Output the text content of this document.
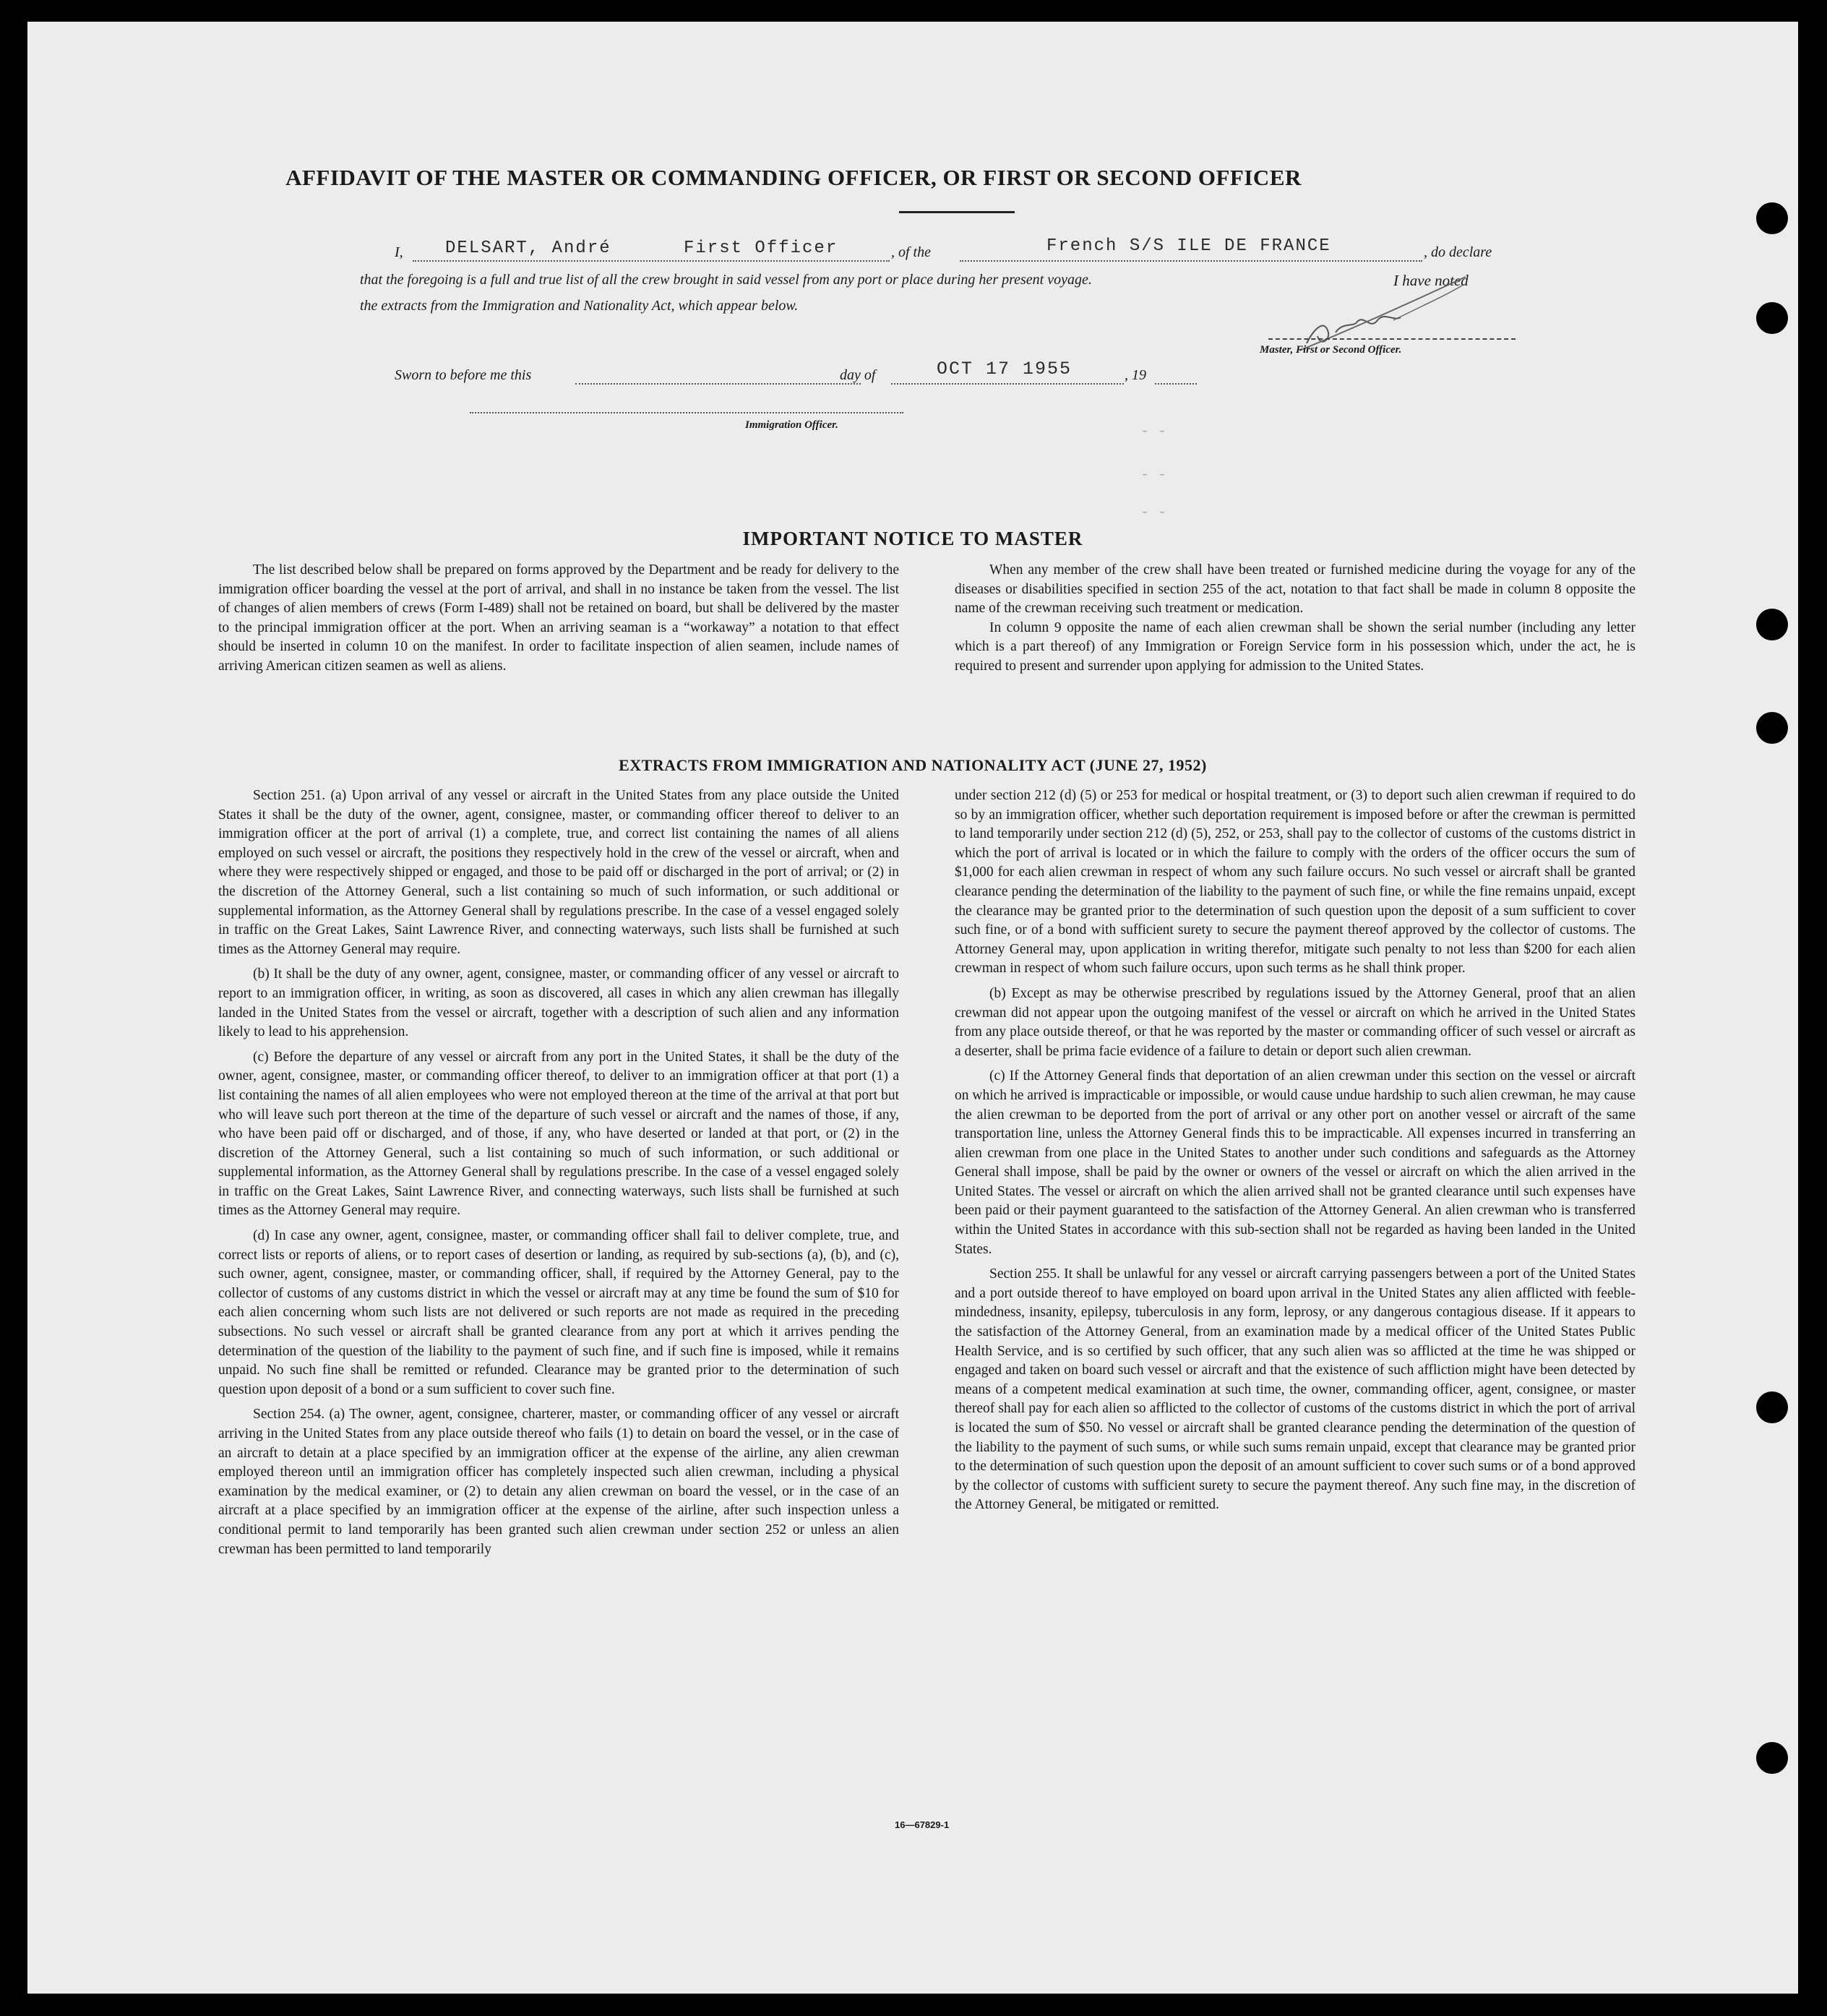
- -
- -
- -
AFFIDAVIT OF THE MASTER OR COMMANDING OFFICER, OR FIRST OR SECOND OFFICER
I, DELSART, André	First Officer	, of the	French S/S ILE DE FRANCE	, do declare
that the foregoing is a full and true list of all the crew brought in said vessel from any port or place during her present voyage.	I have noted
the extracts from the Immigration and Nationality Act, which appear below.
Master, First or Second Officer.
Sworn to before me this	day of	OCT 17 1955	, 19
Immigration Officer.
IMPORTANT NOTICE TO MASTER

The list described below shall be prepared on forms approved by the Department and be ready for delivery to the immigration officer boarding the vessel at the port of arrival, and shall in no instance be taken from the vessel. The list of changes of alien members of crews (Form I-489) shall not be retained on board, but shall be delivered by the master to the principal immigration officer at the port. When an arriving seaman is a “workaway” a notation to that effect should be inserted in column 10 on the manifest. In order to facilitate inspection of alien seamen, include names of arriving American citizen seamen as well as aliens.

When any member of the crew shall have been treated or furnished medicine during the voyage for any of the diseases or disabilities specified in section 255 of the act, notation to that fact shall be made in column 8 opposite the name of the crewman receiving such treatment or medication.

In column 9 opposite the name of each alien crewman shall be shown the serial number (including any letter which is a part thereof) of any Immigration or Foreign Service form in his possession which, under the act, he is required to present and surrender upon applying for admission to the United States.

EXTRACTS FROM IMMIGRATION AND NATIONALITY ACT (JUNE 27, 1952)

Section 251. (a) Upon arrival of any vessel or aircraft in the United States from any place outside the United States it shall be the duty of the owner, agent, consignee, master, or commanding officer thereof to deliver to an immigration officer at the port of arrival (1) a complete, true, and correct list containing the names of all aliens employed on such vessel or aircraft, the positions they respectively hold in the crew of the vessel or aircraft, when and where they were respectively shipped or engaged, and those to be paid off or discharged in the port of arrival; or (2) in the discretion of the Attorney General, such a list containing so much of such information, or such additional or supplemental information, as the Attorney General shall by regulations prescribe. In the case of a vessel engaged solely in traffic on the Great Lakes, Saint Lawrence River, and connecting waterways, such lists shall be furnished at such times as the Attorney General may require.

(b) It shall be the duty of any owner, agent, consignee, master, or commanding officer of any vessel or aircraft to report to an immigration officer, in writing, as soon as discovered, all cases in which any alien crewman has illegally landed in the United States from the vessel or aircraft, together with a description of such alien and any information likely to lead to his apprehension.

(c) Before the departure of any vessel or aircraft from any port in the United States, it shall be the duty of the owner, agent, consignee, master, or commanding officer thereof, to deliver to an immigration officer at that port (1) a list containing the names of all alien employees who were not employed thereon at the time of the arrival at that port but who will leave such port thereon at the time of the departure of such vessel or aircraft and the names of those, if any, who have been paid off or discharged, and of those, if any, who have deserted or landed at that port, or (2) in the discretion of the Attorney General, such a list containing so much of such information, or such additional or supplemental information, as the Attorney General shall by regulations prescribe. In the case of a vessel engaged solely in traffic on the Great Lakes, Saint Lawrence River, and connecting waterways, such lists shall be furnished at such times as the Attorney General may require.

(d) In case any owner, agent, consignee, master, or commanding officer shall fail to deliver complete, true, and correct lists or reports of aliens, or to report cases of desertion or landing, as required by sub-sections (a), (b), and (c), such owner, agent, consignee, master, or commanding officer, shall, if required by the Attorney General, pay to the collector of customs of any customs district in which the vessel or aircraft may at any time be found the sum of $10 for each alien concerning whom such lists are not delivered or such reports are not made as required in the preceding subsections. No such vessel or aircraft shall be granted clearance from any port at which it arrives pending the determination of the question of the liability to the payment of such fine, and if such fine is imposed, while it remains unpaid. No such fine shall be remitted or refunded. Clearance may be granted prior to the determination of such question upon deposit of a bond or a sum sufficient to cover such fine.

Section 254. (a) The owner, agent, consignee, charterer, master, or commanding officer of any vessel or aircraft arriving in the United States from any place outside thereof who fails (1) to detain on board the vessel, or in the case of an aircraft to detain at a place specified by an immigration officer at the expense of the airline, any alien crewman employed thereon until an immigration officer has completely inspected such alien crewman, including a physical examination by the medical examiner, or (2) to detain any alien crewman on board the vessel, or in the case of an aircraft at a place specified by an immigration officer at the expense of the airline, after such inspection unless a conditional permit to land temporarily has been granted such alien crewman under section 252 or unless an alien crewman has been permitted to land temporarily

under section 212 (d) (5) or 253 for medical or hospital treatment, or (3) to deport such alien crewman if required to do so by an immigration officer, whether such deportation requirement is imposed before or after the crewman is permitted to land temporarily under section 212 (d) (5), 252, or 253, shall pay to the collector of customs of the customs district in which the port of arrival is located or in which the failure to comply with the orders of the officer occurs the sum of $1,000 for each alien crewman in respect of whom any such failure occurs. No such vessel or aircraft shall be granted clearance pending the determination of the liability to the payment of such fine, or while the fine remains unpaid, except the clearance may be granted prior to the determination of such question upon the deposit of a sum sufficient to cover such fine, or of a bond with sufficient surety to secure the payment thereof approved by the collector of customs. The Attorney General may, upon application in writing therefor, mitigate such penalty to not less than $200 for each alien crewman in respect of whom such failure occurs, upon such terms as he shall think proper.

(b) Except as may be otherwise prescribed by regulations issued by the Attorney General, proof that an alien crewman did not appear upon the outgoing manifest of the vessel or aircraft on which he arrived in the United States from any place outside thereof, or that he was reported by the master or commanding officer of such vessel or aircraft as a deserter, shall be prima facie evidence of a failure to detain or deport such alien crewman.

(c) If the Attorney General finds that deportation of an alien crewman under this section on the vessel or aircraft on which he arrived is impracticable or impossible, or would cause undue hardship to such alien crewman, he may cause the alien crewman to be deported from the port of arrival or any other port on another vessel or aircraft of the same transportation line, unless the Attorney General finds this to be impracticable. All expenses incurred in transferring an alien crewman from one place in the United States to another under such conditions and safeguards as the Attorney General shall impose, shall be paid by the owner or owners of the vessel or aircraft on which the alien arrived in the United States. The vessel or aircraft on which the alien arrived shall not be granted clearance until such expenses have been paid or their payment guaranteed to the satisfaction of the Attorney General. An alien crewman who is transferred within the United States in accordance with this sub-section shall not be regarded as having been landed in the United States.

Section 255. It shall be unlawful for any vessel or aircraft carrying passengers between a port of the United States and a port outside thereof to have employed on board upon arrival in the United States any alien afflicted with feeble-mindedness, insanity, epilepsy, tuberculosis in any form, leprosy, or any dangerous contagious disease. If it appears to the satisfaction of the Attorney General, from an examination made by a medical officer of the United States Public Health Service, and is so certified by such officer, that any such alien was so afflicted at the time he was shipped or engaged and taken on board such vessel or aircraft and that the existence of such affliction might have been detected by means of a competent medical examination at such time, the owner, commanding officer, agent, consignee, or master thereof shall pay for each alien so afflicted to the collector of customs of the customs district in which the port of arrival is located the sum of $50. No vessel or aircraft shall be granted clearance pending the determination of the question of the liability to the payment of such sums, or while such sums remain unpaid, except that clearance may be granted prior to the determination of such question upon the deposit of an amount sufficient to cover such sums or of a bond approved by the collector of customs with sufficient surety to secure the payment thereof. Any such fine may, in the discretion of the Attorney General, be mitigated or remitted.

16—67829-1
